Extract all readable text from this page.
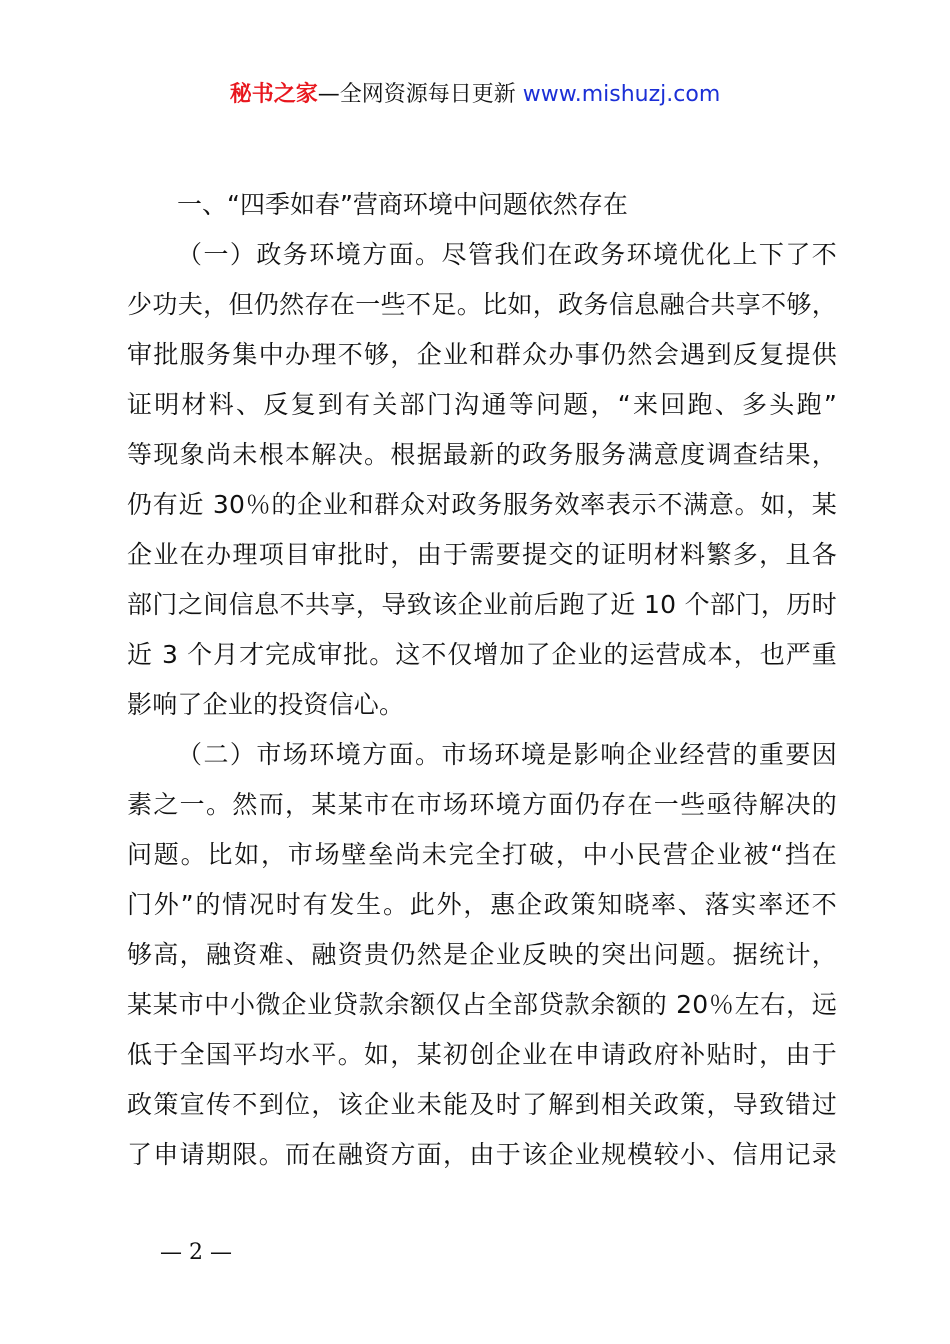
秘书之家—全网资源每日更新 www.mishuzj.com
一、“四季如春”营商环境中问题依然存在
（一）政务环境方面。尽管我们在政务环境优化上下了不
少功夫，但仍然存在一些不足。比如，政务信息融合共享不够，
审批服务集中办理不够，企业和群众办事仍然会遇到反复提供
证明材料、反复到有关部门沟通等问题，“来回跑、多头跑”
等现象尚未根本解决。根据最新的政务服务满意度调查结果，
仍有近 30％的企业和群众对政务服务效率表示不满意。如，某
企业在办理项目审批时，由于需要提交的证明材料繁多，且各
部门之间信息不共享，导致该企业前后跑了近 10 个部门，历时
近 3 个月才完成审批。这不仅增加了企业的运营成本，也严重
影响了企业的投资信心。
（二）市场环境方面。市场环境是影响企业经营的重要因
素之一。然而，某某市在市场环境方面仍存在一些亟待解决的
问题。比如，市场壁垒尚未完全打破，中小民营企业被“挡在
门外”的情况时有发生。此外，惠企政策知晓率、落实率还不
够高，融资难、融资贵仍然是企业反映的突出问题。据统计，
某某市中小微企业贷款余额仅占全部贷款余额的 20％左右，远
低于全国平均水平。如，某初创企业在申请政府补贴时，由于
政策宣传不到位，该企业未能及时了解到相关政策，导致错过
了申请期限。而在融资方面，由于该企业规模较小、信用记录
— 2 —
